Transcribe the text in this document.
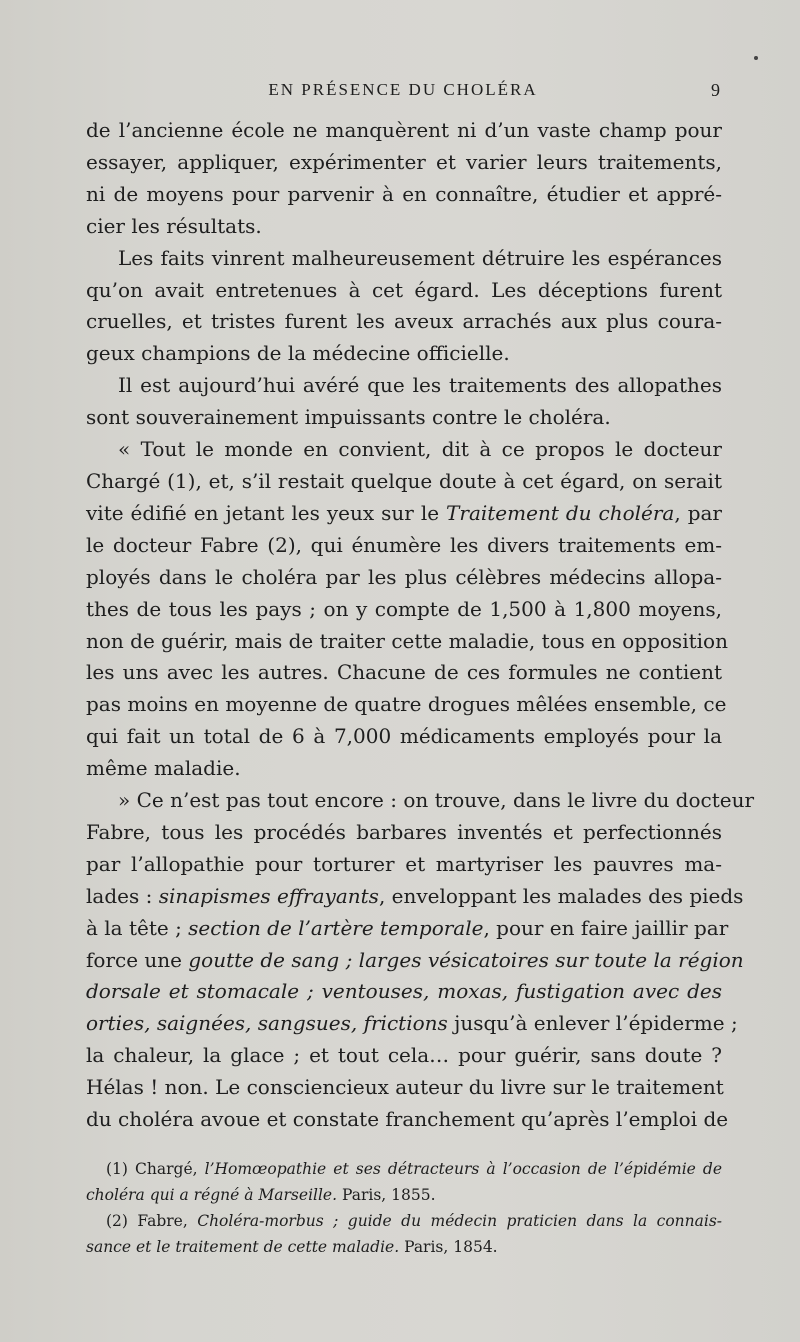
EN PRÉSENCE DU CHOLÉRA	9

de l’ancienne école ne manquèrent ni d’un vaste champ pour
essayer, appliquer, expérimenter et varier leurs traitements,
ni de moyens pour parvenir à en connaître, étudier et appré-
cier les résultats.

Les faits vinrent malheureusement détruire les espérances
qu’on avait entretenues à cet égard. Les déceptions furent
cruelles, et tristes furent les aveux arrachés aux plus coura-
geux champions de la médecine officielle.

Il est aujourd’hui avéré que les traitements des allopathes
sont souverainement impuissants contre le choléra.

« Tout le monde en convient, dit à ce propos le docteur
Chargé (1), et, s’il restait quelque doute à cet égard, on serait
vite édifié en jetant les yeux sur le Traitement du choléra, par
le docteur Fabre (2), qui énumère les divers traitements em-
ployés dans le choléra par les plus célèbres médecins allopa-
thes de tous les pays ; on y compte de 1,500 à 1,800 moyens,
non de guérir, mais de traiter cette maladie, tous en opposition
les uns avec les autres. Chacune de ces formules ne contient
pas moins en moyenne de quatre drogues mêlées ensemble, ce
qui fait un total de 6 à 7,000 médicaments employés pour la
même maladie.

» Ce n’est pas tout encore : on trouve, dans le livre du docteur
Fabre, tous les procédés barbares inventés et perfectionnés
par l’allopathie pour torturer et martyriser les pauvres ma-
lades : sinapismes effrayants, enveloppant les malades des pieds
à la tête ; section de l’artère temporale, pour en faire jaillir par
force une goutte de sang ; larges vésicatoires sur toute la région
dorsale et stomacale ; ventouses, moxas, fustigation avec des
orties, saignées, sangsues, frictions jusqu’à enlever l’épiderme ;
la chaleur, la glace ; et tout cela… pour guérir, sans doute ?
Hélas ! non. Le consciencieux auteur du livre sur le traitement
du choléra avoue et constate franchement qu’après l’emploi de

(1) Chargé, l’Homœopathie et ses détracteurs à l’occasion de l’épidémie de
choléra qui a régné à Marseille. Paris, 1855.

(2) Fabre, Choléra-morbus ; guide du médecin praticien dans la connais-
sance et le traitement de cette maladie. Paris, 1854.
